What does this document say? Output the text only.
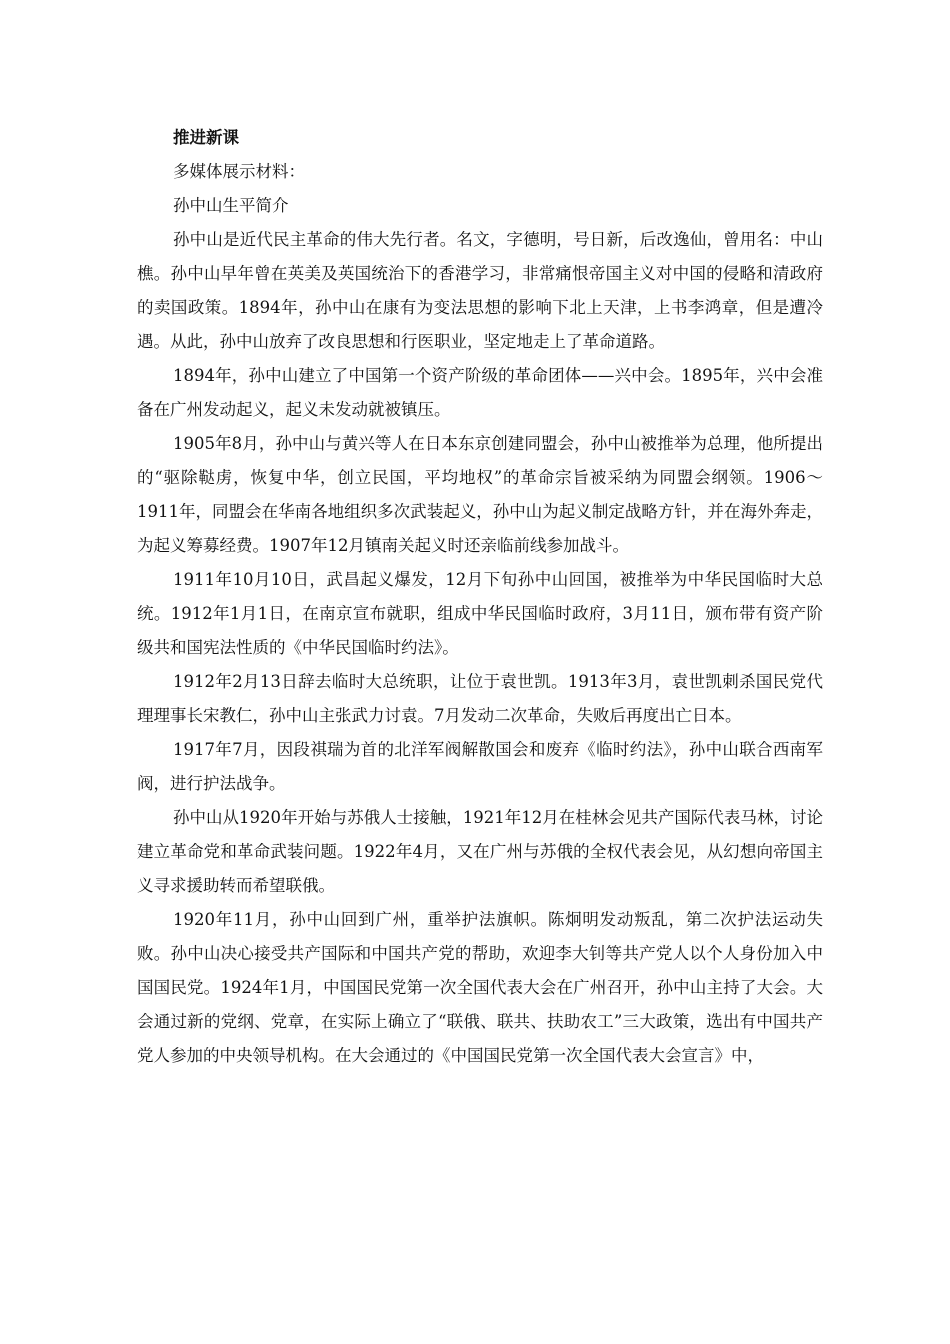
推进新课

多媒体展示材料：

孙中山生平简介

孙中山是近代民主革命的伟大先行者。名文，字德明，号日新，后改逸仙，曾用名：中山樵。孙中山早年曾在英美及英国统治下的香港学习，非常痛恨帝国主义对中国的侵略和清政府的卖国政策。1894年，孙中山在康有为变法思想的影响下北上天津，上书李鸿章，但是遭冷遇。从此，孙中山放弃了改良思想和行医职业，坚定地走上了革命道路。

1894年，孙中山建立了中国第一个资产阶级的革命团体——兴中会。1895年，兴中会准备在广州发动起义，起义未发动就被镇压。

1905年8月，孙中山与黄兴等人在日本东京创建同盟会，孙中山被推举为总理，他所提出的“驱除鞑虏，恢复中华，创立民国，平均地权”的革命宗旨被采纳为同盟会纲领。1906～1911年，同盟会在华南各地组织多次武装起义，孙中山为起义制定战略方针，并在海外奔走，为起义筹募经费。1907年12月镇南关起义时还亲临前线参加战斗。

1911年10月10日，武昌起义爆发，12月下旬孙中山回国，被推举为中华民国临时大总统。1912年1月1日，在南京宣布就职，组成中华民国临时政府，3月11日，颁布带有资产阶级共和国宪法性质的《中华民国临时约法》。

1912年2月13日辞去临时大总统职，让位于袁世凯。1913年3月，袁世凯刺杀国民党代理理事长宋教仁，孙中山主张武力讨袁。7月发动二次革命，失败后再度出亡日本。

1917年7月，因段祺瑞为首的北洋军阀解散国会和废弃《临时约法》，孙中山联合西南军阀，进行护法战争。

孙中山从1920年开始与苏俄人士接触，1921年12月在桂林会见共产国际代表马林，讨论建立革命党和革命武装问题。1922年4月，又在广州与苏俄的全权代表会见，从幻想向帝国主义寻求援助转而希望联俄。

1920年11月，孙中山回到广州，重举护法旗帜。陈炯明发动叛乱，第二次护法运动失败。孙中山决心接受共产国际和中国共产党的帮助，欢迎李大钊等共产党人以个人身份加入中国国民党。1924年1月，中国国民党第一次全国代表大会在广州召开，孙中山主持了大会。大会通过新的党纲、党章，在实际上确立了“联俄、联共、扶助农工”三大政策，选出有中国共产党人参加的中央领导机构。在大会通过的《中国国民党第一次全国代表大会宣言》中，
